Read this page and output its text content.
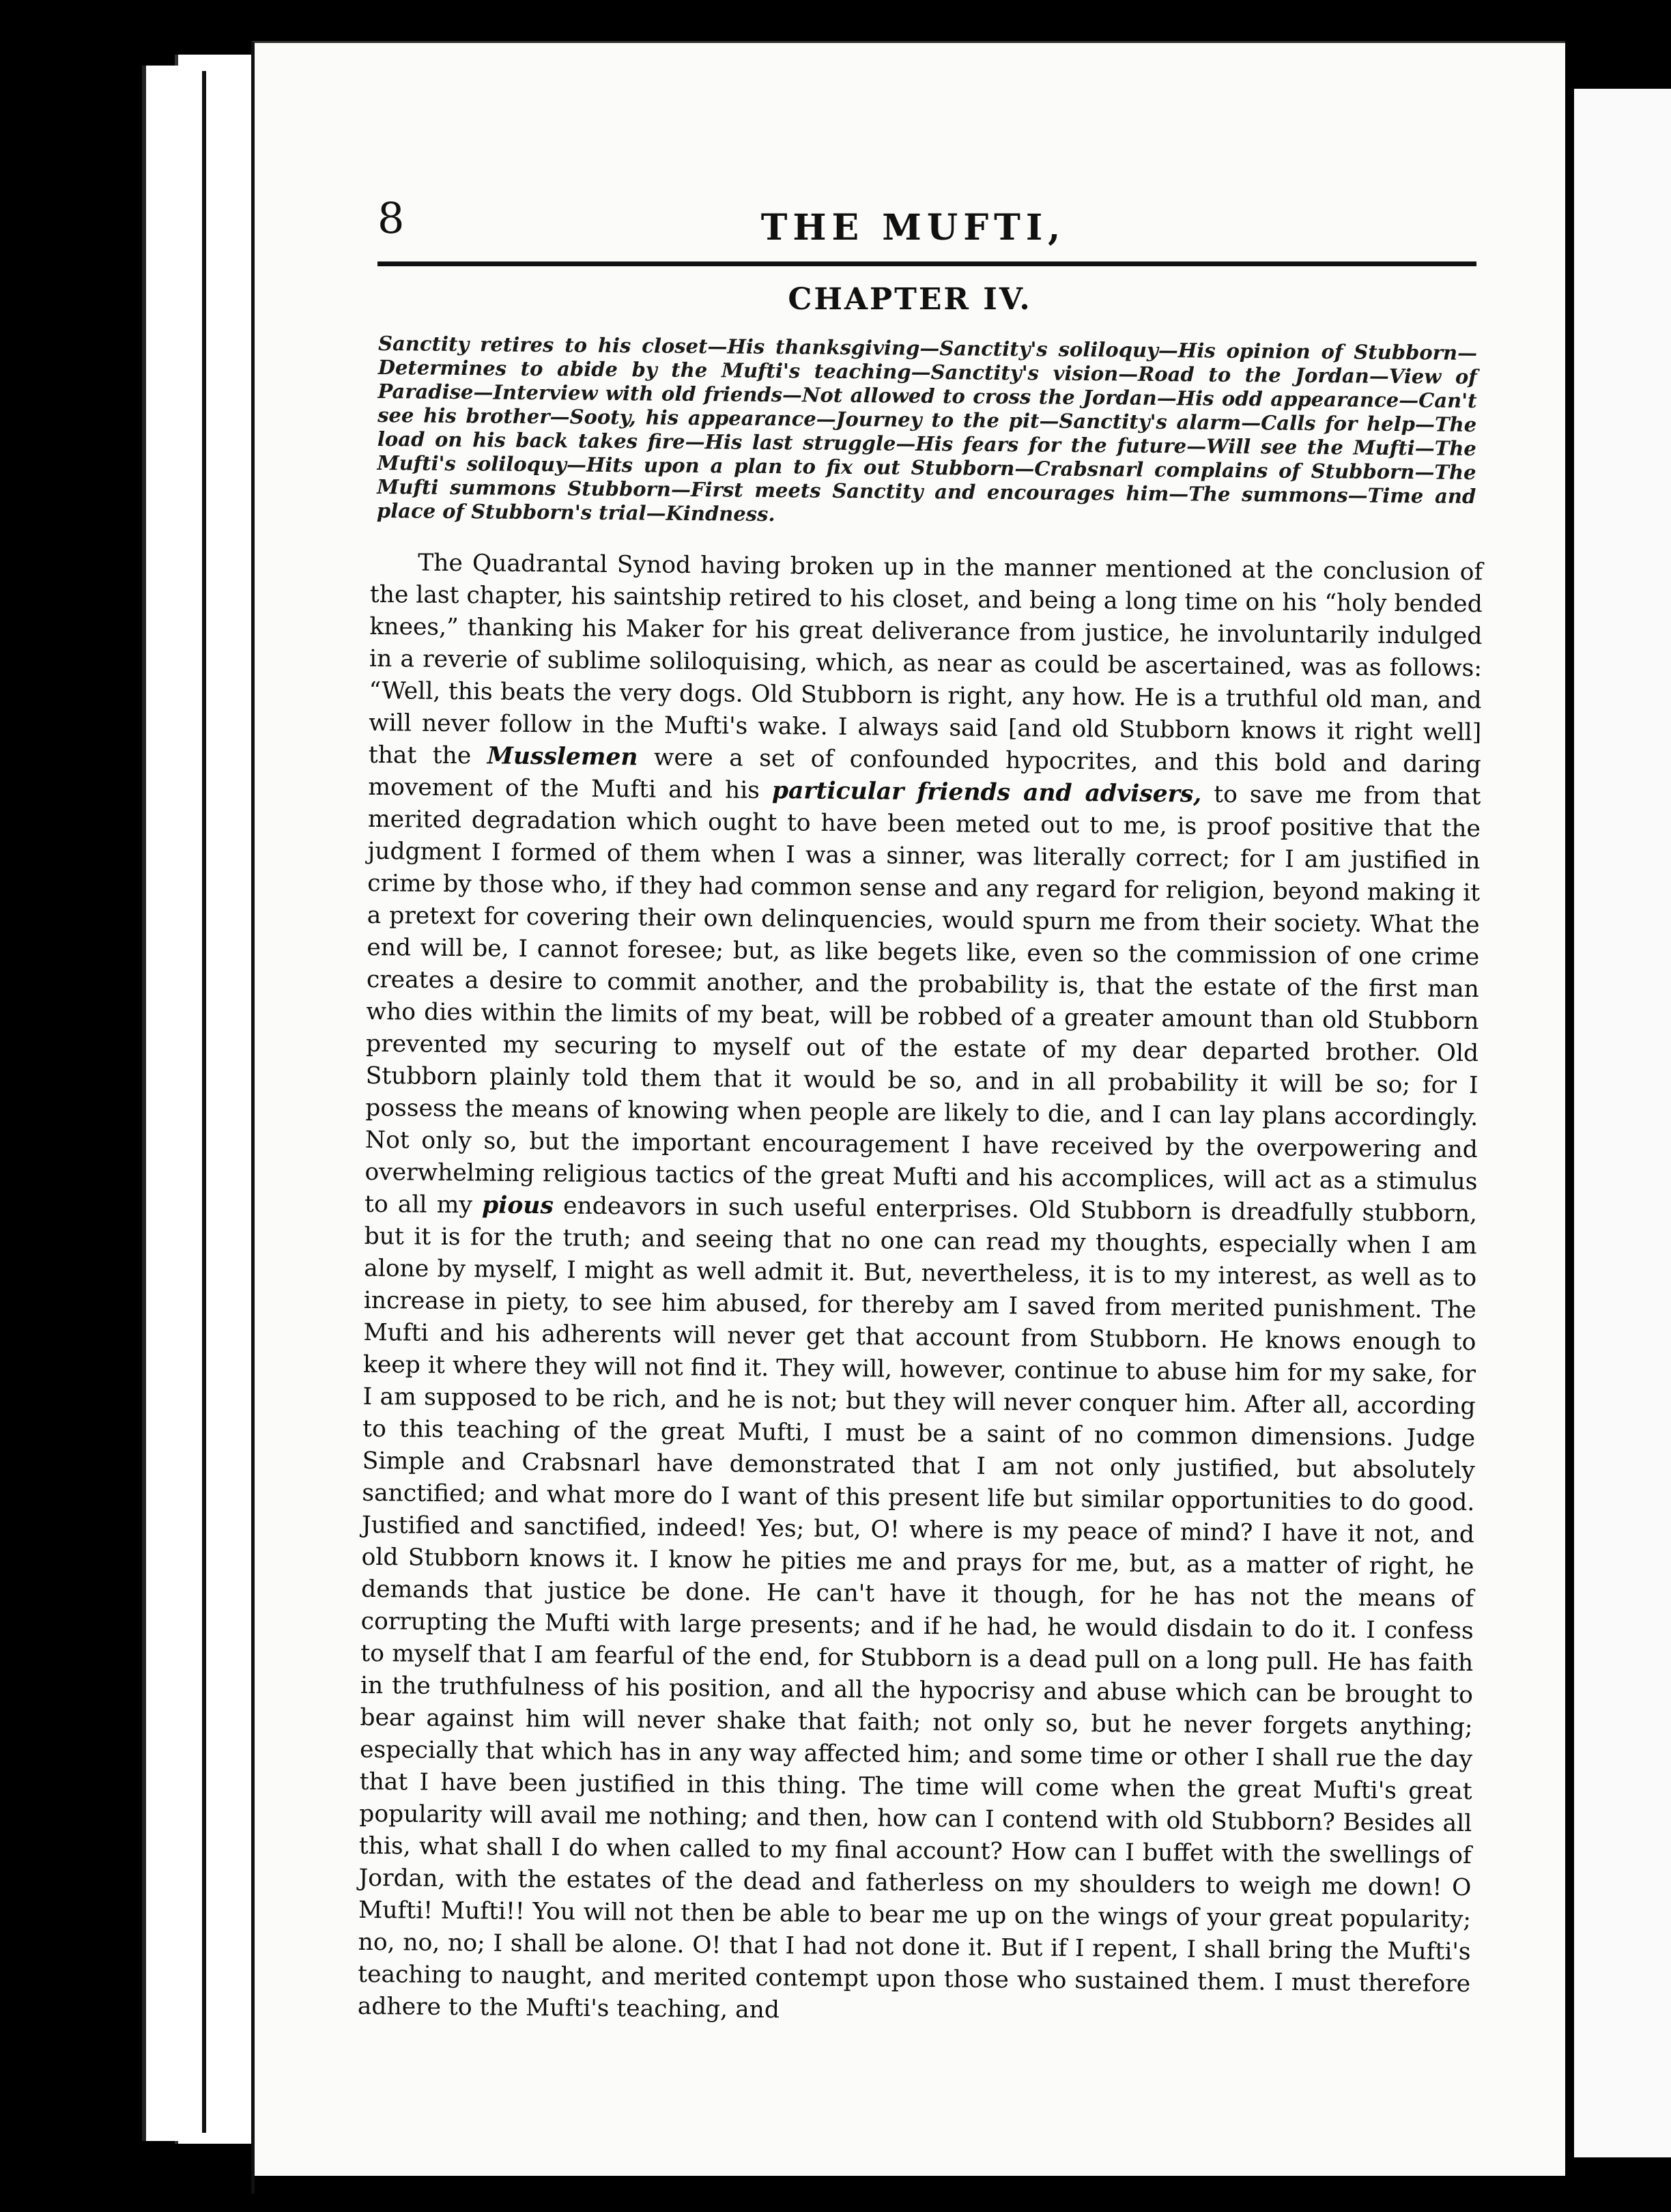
8	THE MUFTI,
CHAPTER IV.
Sanctity retires to his closet—His thanksgiving—Sanctity's soliloquy—His opinion of Stubborn—Determines to abide by the Mufti's teaching—Sanctity's vision—Road to the Jordan—View of Paradise—Interview with old friends—Not allowed to cross the Jordan—His odd appearance—Can't see his brother—Sooty, his appearance—Journey to the pit—Sanctity's alarm—Calls for help—The load on his back takes fire—His last struggle—His fears for the future—Will see the Mufti—The Mufti's soliloquy—Hits upon a plan to fix out Stubborn—Crabsnarl complains of Stubborn—The Mufti summons Stubborn—First meets Sanctity and encourages him—The summons—Time and place of Stubborn's trial—Kindness.
The Quadrantal Synod having broken up in the manner mentioned at the conclusion of the last chapter, his saintship retired to his closet, and being a long time on his “holy bended knees,” thanking his Maker for his great deliverance from justice, he involuntarily indulged in a reverie of sublime soliloquising, which, as near as could be ascertained, was as follows: “Well, this beats the very dogs. Old Stubborn is right, any how. He is a truthful old man, and will never follow in the Mufti's wake. I always said [and old Stubborn knows it right well] that the Musslemen were a set of confounded hypocrites, and this bold and daring movement of the Mufti and his particular friends and advisers, to save me from that merited degradation which ought to have been meted out to me, is proof positive that the judgment I formed of them when I was a sinner, was literally correct; for I am justified in crime by those who, if they had common sense and any regard for religion, beyond making it a pretext for covering their own delinquencies, would spurn me from their society. What the end will be, I cannot foresee; but, as like begets like, even so the commission of one crime creates a desire to commit another, and the probability is, that the estate of the first man who dies within the limits of my beat, will be robbed of a greater amount than old Stubborn prevented my securing to myself out of the estate of my dear departed brother. Old Stubborn plainly told them that it would be so, and in all probability it will be so; for I possess the means of knowing when people are likely to die, and I can lay plans accordingly. Not only so, but the important encouragement I have received by the overpowering and overwhelming religious tactics of the great Mufti and his accomplices, will act as a stimulus to all my pious endeavors in such useful enterprises. Old Stubborn is dreadfully stubborn, but it is for the truth; and seeing that no one can read my thoughts, especially when I am alone by myself, I might as well admit it. But, nevertheless, it is to my interest, as well as to increase in piety, to see him abused, for thereby am I saved from merited punishment. The Mufti and his adherents will never get that account from Stubborn. He knows enough to keep it where they will not find it. They will, however, continue to abuse him for my sake, for I am supposed to be rich, and he is not; but they will never conquer him. After all, according to this teaching of the great Mufti, I must be a saint of no common dimensions. Judge Simple and Crabsnarl have demonstrated that I am not only justified, but absolutely sanctified; and what more do I want of this present life but similar opportunities to do good. Justified and sanctified, indeed! Yes; but, O! where is my peace of mind? I have it not, and old Stubborn knows it. I know he pities me and prays for me, but, as a matter of right, he demands that justice be done. He can't have it though, for he has not the means of corrupting the Mufti with large presents; and if he had, he would disdain to do it. I confess to myself that I am fearful of the end, for Stubborn is a dead pull on a long pull. He has faith in the truthfulness of his position, and all the hypocrisy and abuse which can be brought to bear against him will never shake that faith; not only so, but he never forgets anything; especially that which has in any way affected him; and some time or other I shall rue the day that I have been justified in this thing. The time will come when the great Mufti's great popularity will avail me nothing; and then, how can I contend with old Stubborn? Besides all this, what shall I do when called to my final account? How can I buffet with the swellings of Jordan, with the estates of the dead and fatherless on my shoulders to weigh me down! O Mufti! Mufti!! You will not then be able to bear me up on the wings of your great popularity; no, no, no; I shall be alone. O! that I had not done it. But if I repent, I shall bring the Mufti's teaching to naught, and merited contempt upon those who sustained them. I must therefore adhere to the Mufti's teaching, and
